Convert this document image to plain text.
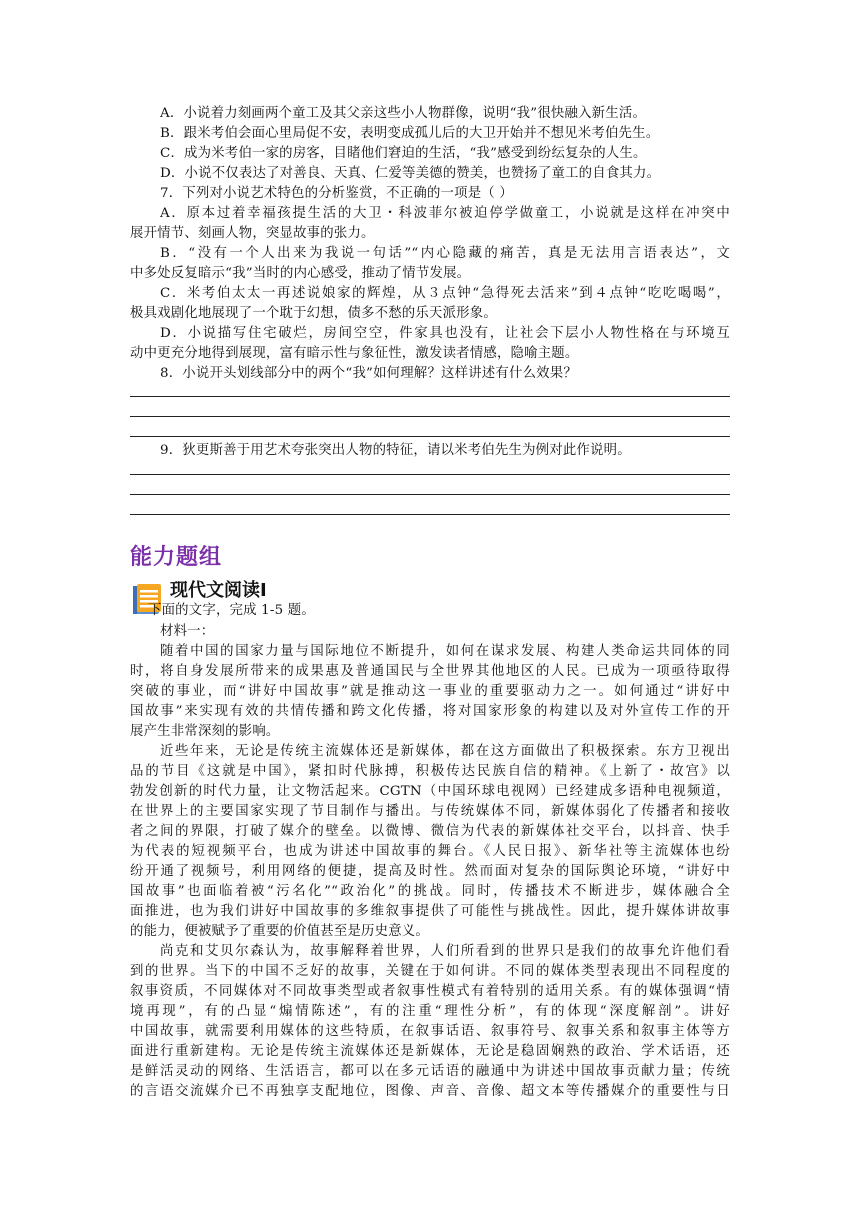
A．小说着力刻画两个童工及其父亲这些小人物群像，说明“我”很快融入新生活。
B．跟米考伯会面心里局促不安，表明变成孤儿后的大卫开始并不想见米考伯先生。
C．成为米考伯一家的房客，目睹他们窘迫的生活，“我”感受到纷纭复杂的人生。
D．小说不仅表达了对善良、天真、仁爱等美德的赞美，也赞扬了童工的自食其力。
7．下列对小说艺术特色的分析鉴赏，不正确的一项是（ ）
A．原本过着幸福孩提生活的大卫・科波菲尔被迫停学做童工，小说就是这样在冲突中
展开情节、刻画人物，突显故事的张力。
B．“没有一个人出来为我说一句话”“内心隐藏的痛苦，真是无法用言语表达”，文
中多处反复暗示“我”当时的内心感受，推动了情节发展。
C．米考伯太太一再述说娘家的辉煌，从３点钟“急得死去活来”到４点钟“吃吃喝喝”，
极具戏剧化地展现了一个耽于幻想，债多不愁的乐天派形象。
D．小说描写住宅破烂，房间空空，件家具也没有，让社会下层小人物性格在与环境互
动中更充分地得到展现，富有暗示性与象征性，激发读者情感，隐喻主题。
8．小说开头划线部分中的两个“我”如何理解？这样讲述有什么效果？
9．狄更斯善于用艺术夸张突出人物的特征，请以米考伯先生为例对此作说明。
能力题组
现代文阅读Ⅰ
下面的文字，完成 1-5 题。
材料一：
随着中国的国家力量与国际地位不断提升，如何在谋求发展、构建人类命运共同体的同
时，将自身发展所带来的成果惠及普通国民与全世界其他地区的人民。已成为一项亟待取得
突破的事业，而“讲好中国故事”就是推动这一事业的重要驱动力之一。如何通过“讲好中
国故事”来实现有效的共情传播和跨文化传播，将对国家形象的构建以及对外宣传工作的开
展产生非常深刻的影响。
近些年来，无论是传统主流媒体还是新媒体，都在这方面做出了积极探索。东方卫视出
品的节目《这就是中国》，紧扣时代脉搏，积极传达民族自信的精神。《上新了・故宫》以
勃发创新的时代力量，让文物活起来。CGTN（中国环球电视网）已经建成多语种电视频道，
在世界上的主要国家实现了节目制作与播出。与传统媒体不同，新媒体弱化了传播者和接收
者之间的界限，打破了媒介的壁垒。以微博、微信为代表的新媒体社交平台，以抖音、快手
为代表的短视频平台，也成为讲述中国故事的舞台。《人民日报》、新华社等主流媒体也纷
纷开通了视频号，利用网络的便捷，提高及时性。然而面对复杂的国际舆论环境，“讲好中
国故事”也面临着被“污名化”“政治化”的挑战。同时，传播技术不断进步，媒体融合全
面推进，也为我们讲好中国故事的多维叙事提供了可能性与挑战性。因此，提升媒体讲故事
的能力，便被赋予了重要的价值甚至是历史意义。
尚克和艾贝尔森认为，故事解释着世界，人们所看到的世界只是我们的故事允许他们看
到的世界。当下的中国不乏好的故事，关键在于如何讲。不同的媒体类型表现出不同程度的
叙事资质，不同媒体对不同故事类型或者叙事性模式有着特别的适用关系。有的媒体强调“情
境再现”，有的凸显“煽情陈述”，有的注重“理性分析”，有的体现“深度解剖”。讲好
中国故事，就需要利用媒体的这些特质，在叙事话语、叙事符号、叙事关系和叙事主体等方
面进行重新建构。无论是传统主流媒体还是新媒体，无论是稳固娴熟的政治、学术话语，还
是鲜活灵动的网络、生活语言，都可以在多元话语的融通中为讲述中国故事贡献力量；传统
的言语交流媒介已不再独享支配地位，图像、声音、音像、超文本等传播媒介的重要性与日
